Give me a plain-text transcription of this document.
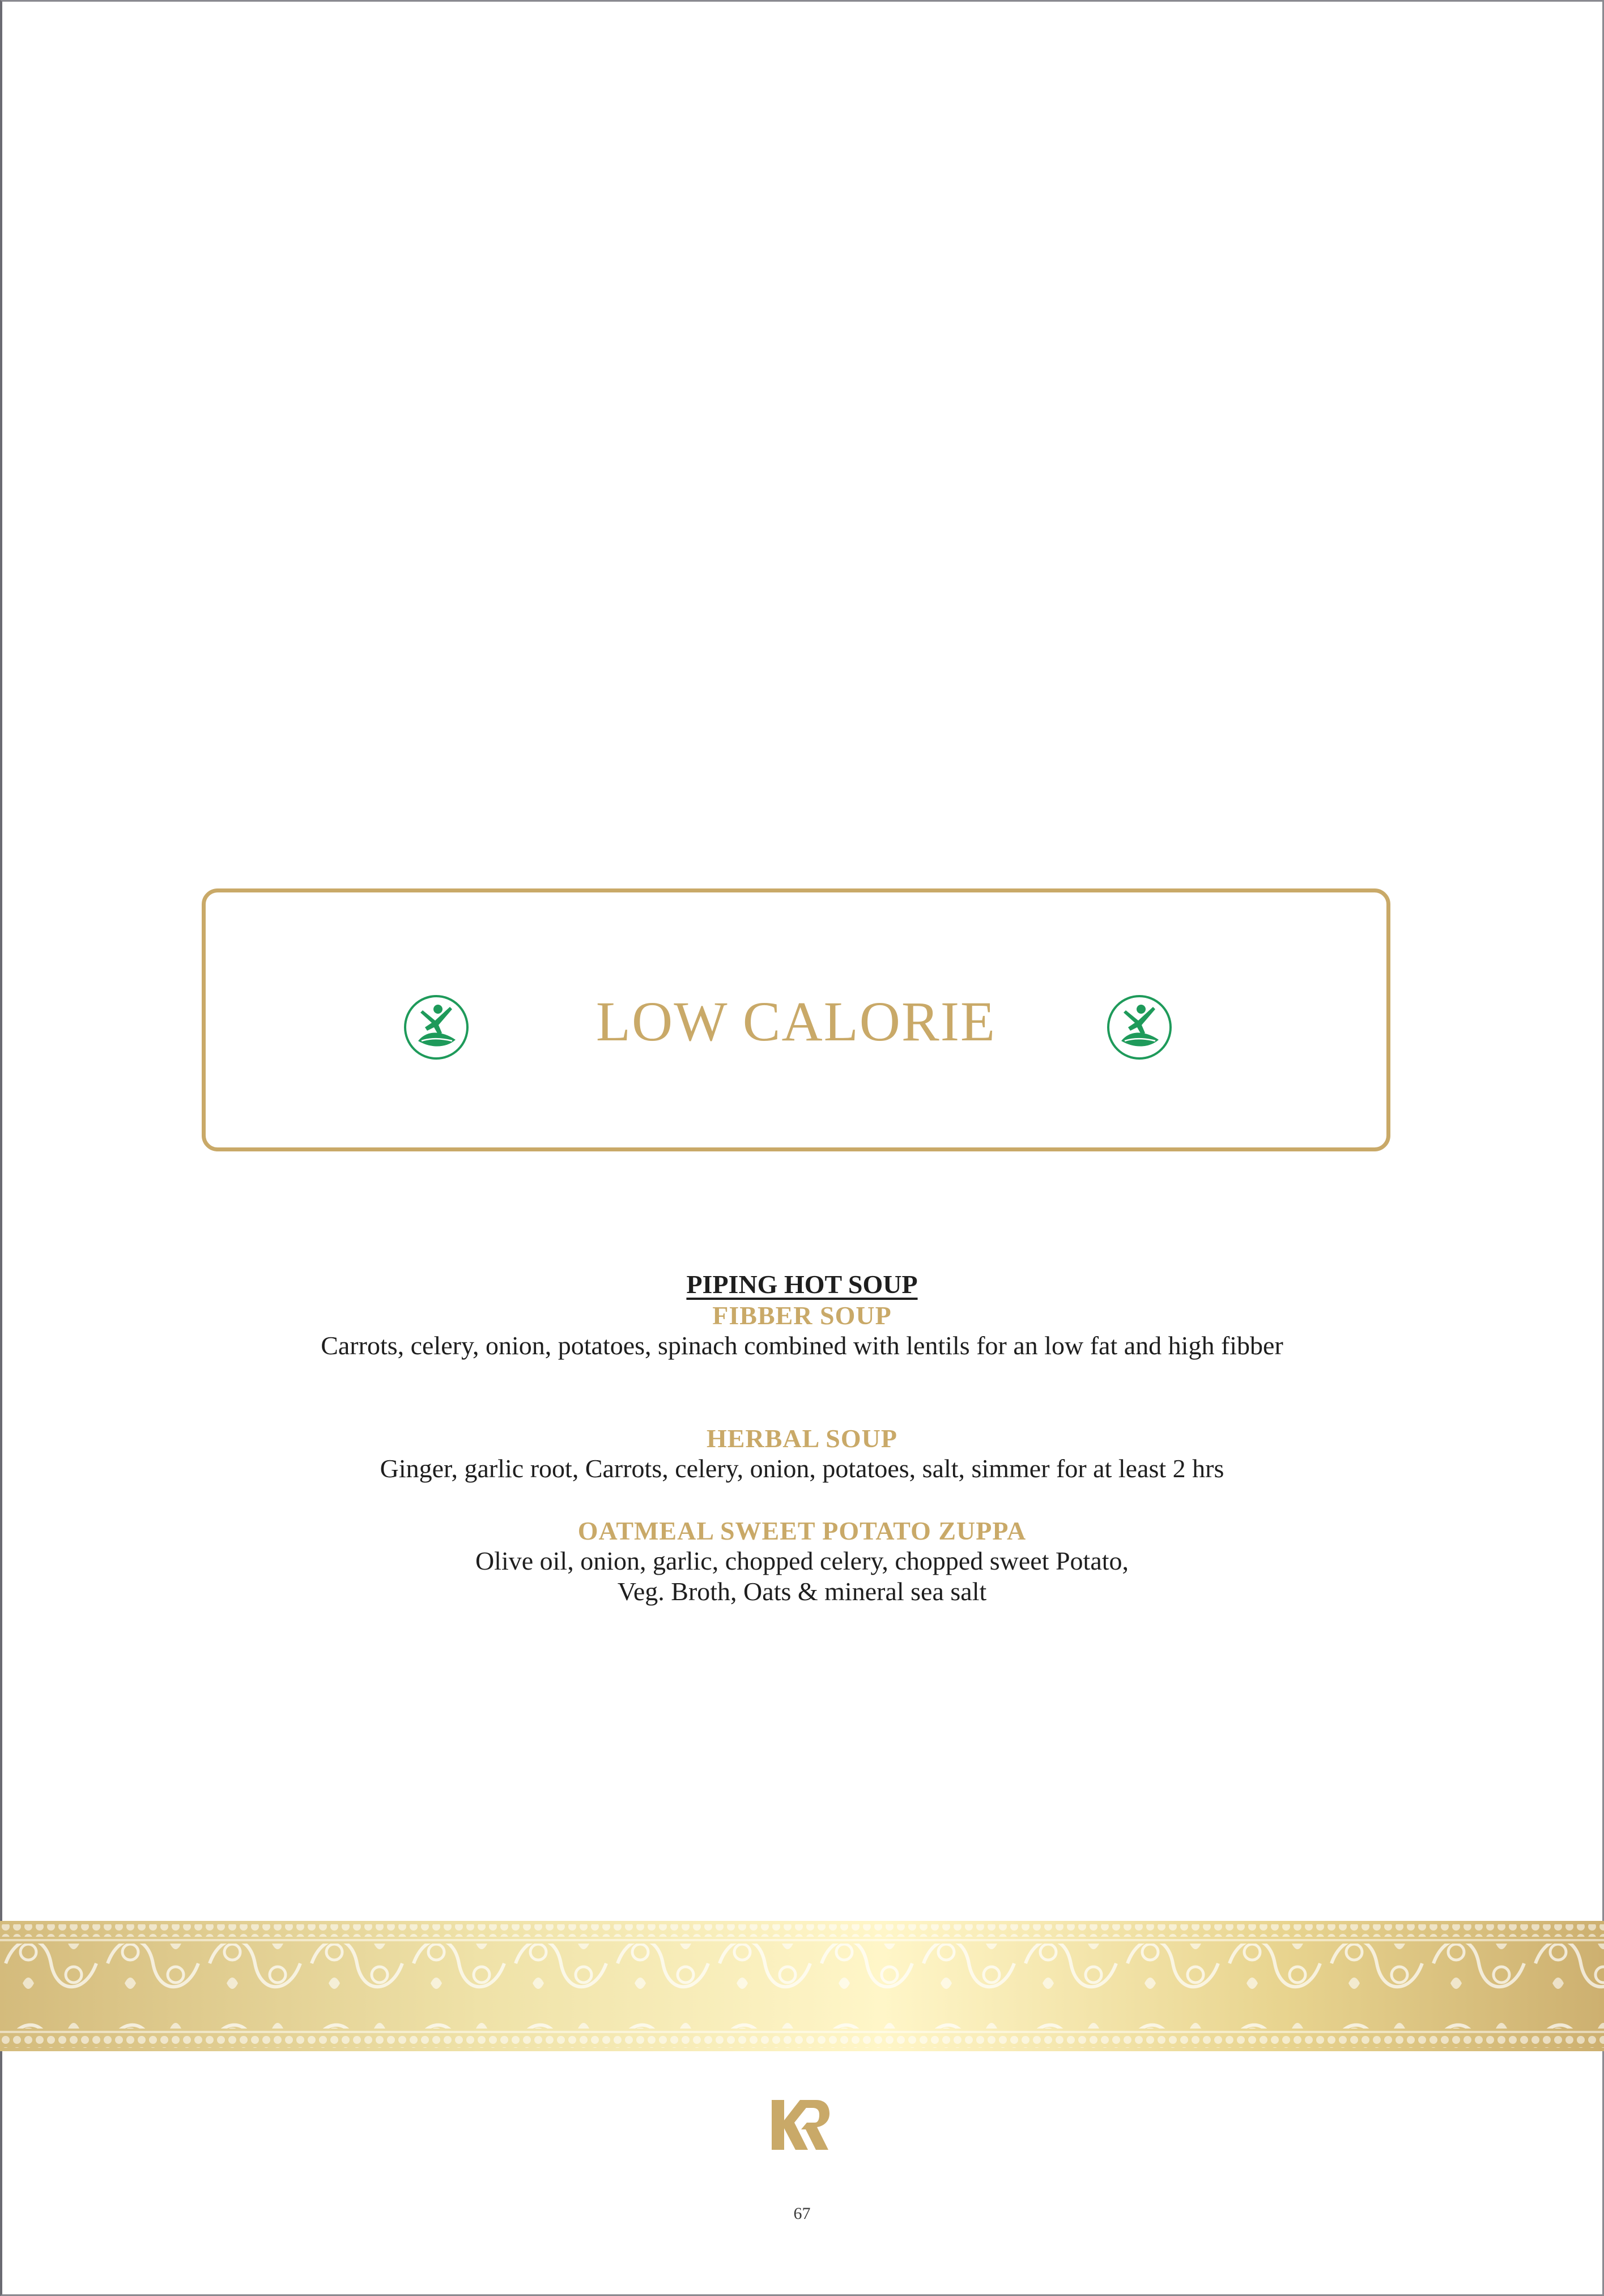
LOW CALORIE
PIPING HOT SOUP
FIBBER SOUP
Carrots, celery, onion, potatoes, spinach combined with lentils for an low fat and high fibber
HERBAL SOUP
Ginger, garlic root, Carrots, celery, onion, potatoes, salt, simmer for at least 2 hrs
OATMEAL SWEET POTATO ZUPPA
Olive oil, onion, garlic, chopped celery, chopped sweet Potato,
Veg. Broth, Oats & mineral sea salt
67
